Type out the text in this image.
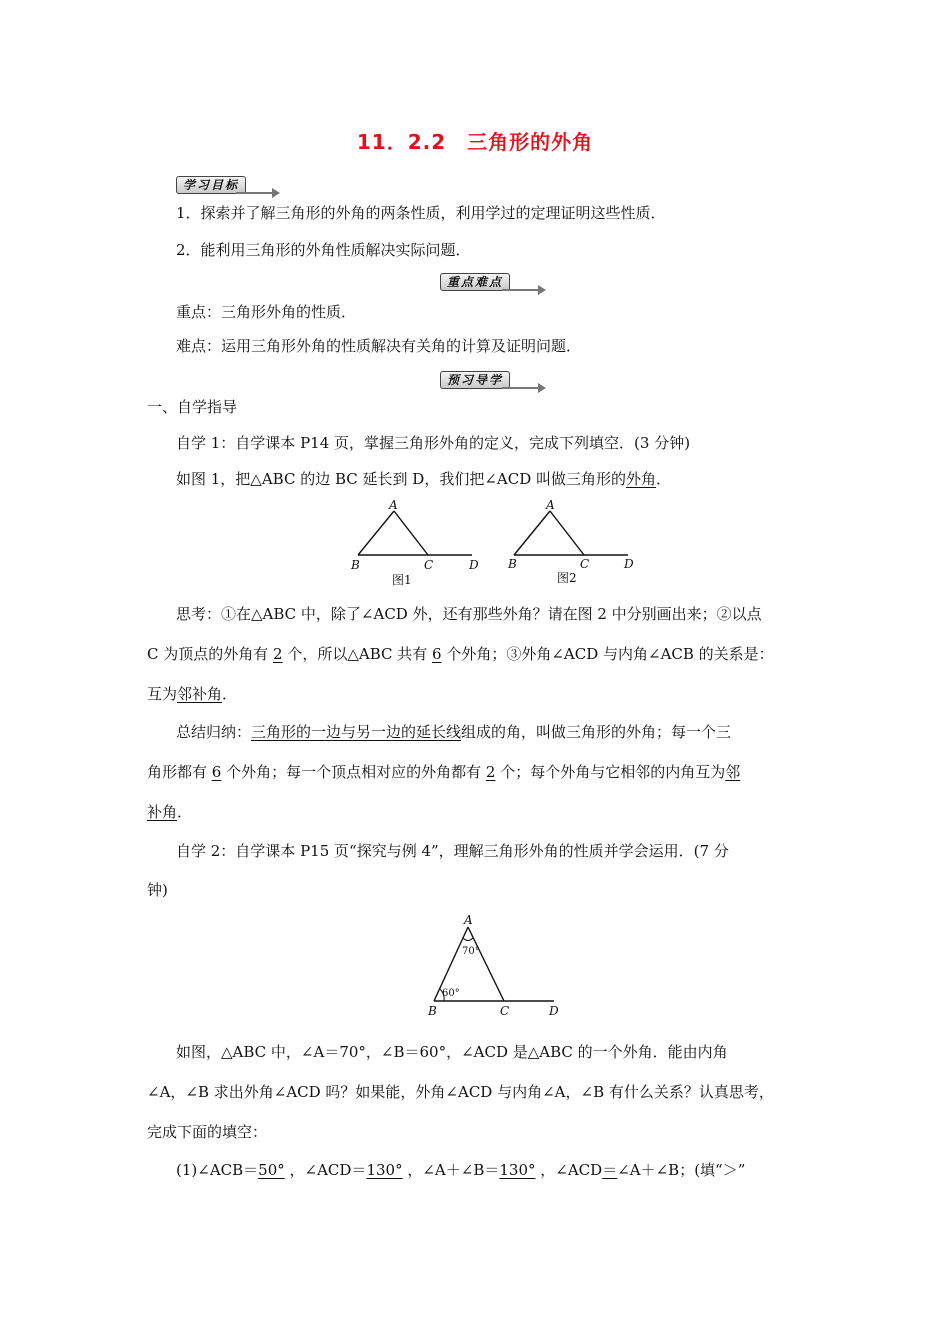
11．2.2　三角形的外角
学习目标
1．探索并了解三角形的外角的两条性质，利用学过的定理证明这些性质．
2．能利用三角形的外角性质解决实际问题．
重点难点
重点：三角形外角的性质．
难点：运用三角形外角的性质解决有关角的计算及证明问题．
预习导学
一、自学指导
自学 1：自学课本 P14 页，掌握三角形外角的定义，完成下列填空．(3 分钟)
如图 1，把△ABC 的边 BC 延长到 D，我们把∠ACD 叫做三角形的外角．
A
B	C	D
A
B	C	D
图1	图2
思考：①在△ABC 中，除了∠ACD 外，还有那些外角？请在图 2 中分别画出来；②以点
C 为顶点的外角有 2 个，所以△ABC 共有 6 个外角；③外角∠ACD 与内角∠ACB 的关系是：
互为邻补角．
总结归纳：三角形的一边与另一边的延长线组成的角，叫做三角形的外角；每一个三
角形都有 6 个外角；每一个顶点相对应的外角都有 2 个；每个外角与它相邻的内角互为邻
补角．
自学 2：自学课本 P15 页“探究与例 4”，理解三角形外角的性质并学会运用．(7 分
钟)
A
B	C	D
70°
60°
如图，△ABC 中，∠A＝70°，∠B＝60°，∠ACD 是△ABC 的一个外角．能由内角
∠A，∠B 求出外角∠ACD 吗？如果能，外角∠ACD 与内角∠A，∠B 有什么关系？认真思考，
完成下面的填空：
(1)∠ACB＝50° ，∠ACD＝130° ，∠A＋∠B＝130° ，∠ACD＝∠A＋∠B；(填“＞”
